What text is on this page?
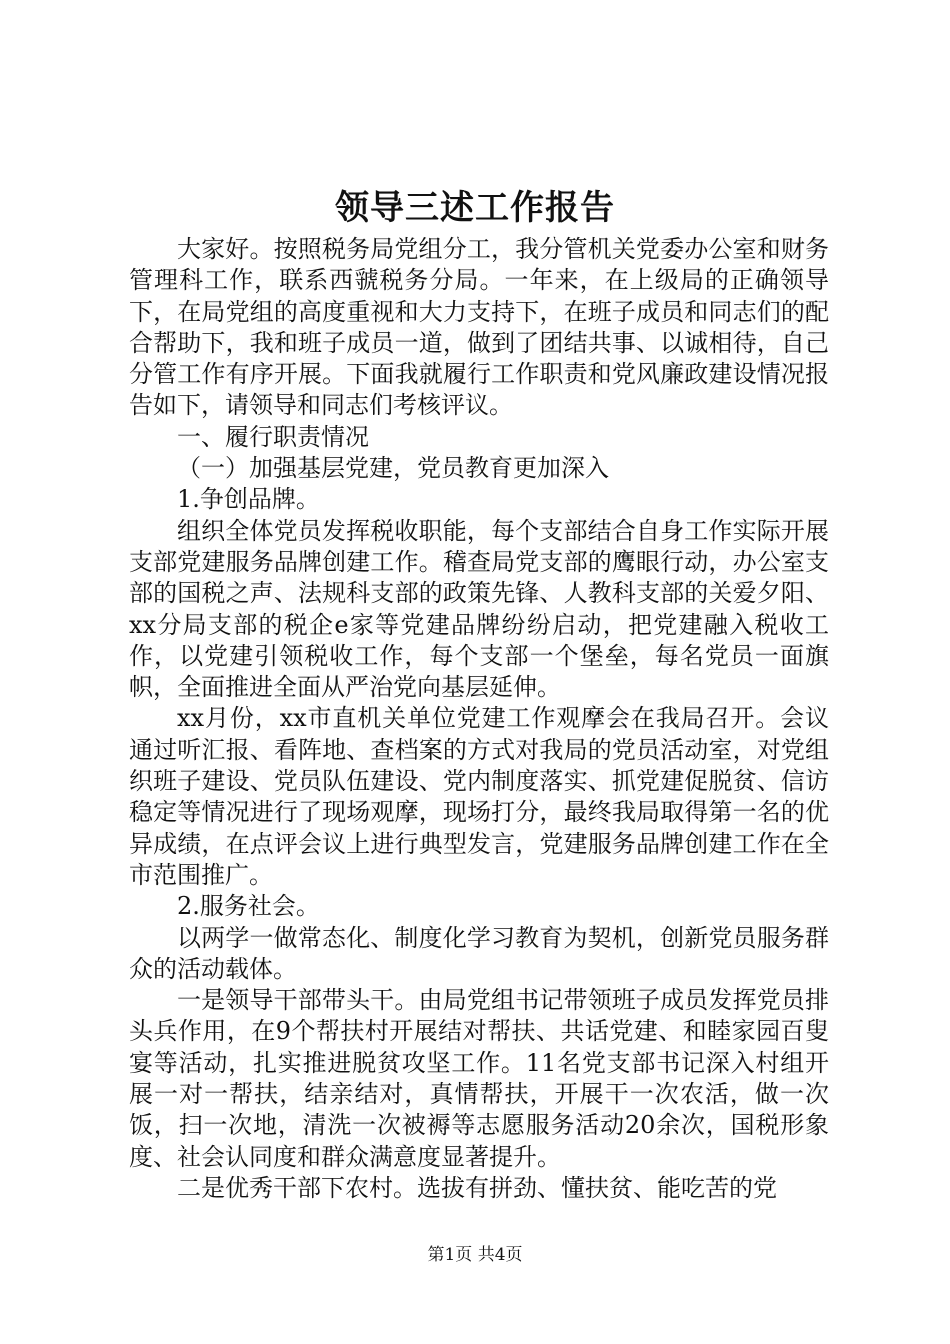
领导三述工作报告

大家好。按照税务局党组分工，我分管机关党委办公室和财务管理科工作，联系西虢税务分局。一年来，在上级局的正确领导下，在局党组的高度重视和大力支持下，在班子成员和同志们的配合帮助下，我和班子成员一道，做到了团结共事、以诚相待，自己分管工作有序开展。下面我就履行工作职责和党风廉政建设情况报告如下，请领导和同志们考核评议。

一、履行职责情况

（一）加强基层党建，党员教育更加深入

1.争创品牌。

组织全体党员发挥税收职能，每个支部结合自身工作实际开展支部党建服务品牌创建工作。稽查局党支部的鹰眼行动，办公室支部的国税之声、法规科支部的政策先锋、人教科支部的关爱夕阳、xx分局支部的税企e家等党建品牌纷纷启动，把党建融入税收工作，以党建引领税收工作，每个支部一个堡垒，每名党员一面旗帜，全面推进全面从严治党向基层延伸。

xx月份，xx市直机关单位党建工作观摩会在我局召开。会议通过听汇报、看阵地、查档案的方式对我局的党员活动室，对党组织班子建设、党员队伍建设、党内制度落实、抓党建促脱贫、信访稳定等情况进行了现场观摩，现场打分，最终我局取得第一名的优异成绩，在点评会议上进行典型发言，党建服务品牌创建工作在全市范围推广。

2.服务社会。

以两学一做常态化、制度化学习教育为契机，创新党员服务群众的活动载体。

一是领导干部带头干。由局党组书记带领班子成员发挥党员排头兵作用，在9个帮扶村开展结对帮扶、共话党建、和睦家园百叟宴等活动，扎实推进脱贫攻坚工作。11名党支部书记深入村组开展一对一帮扶，结亲结对，真情帮扶，开展干一次农活，做一次饭，扫一次地，清洗一次被褥等志愿服务活动20余次，国税形象度、社会认同度和群众满意度显著提升。

二是优秀干部下农村。选拔有拼劲、懂扶贫、能吃苦的党

第1页 共4页
